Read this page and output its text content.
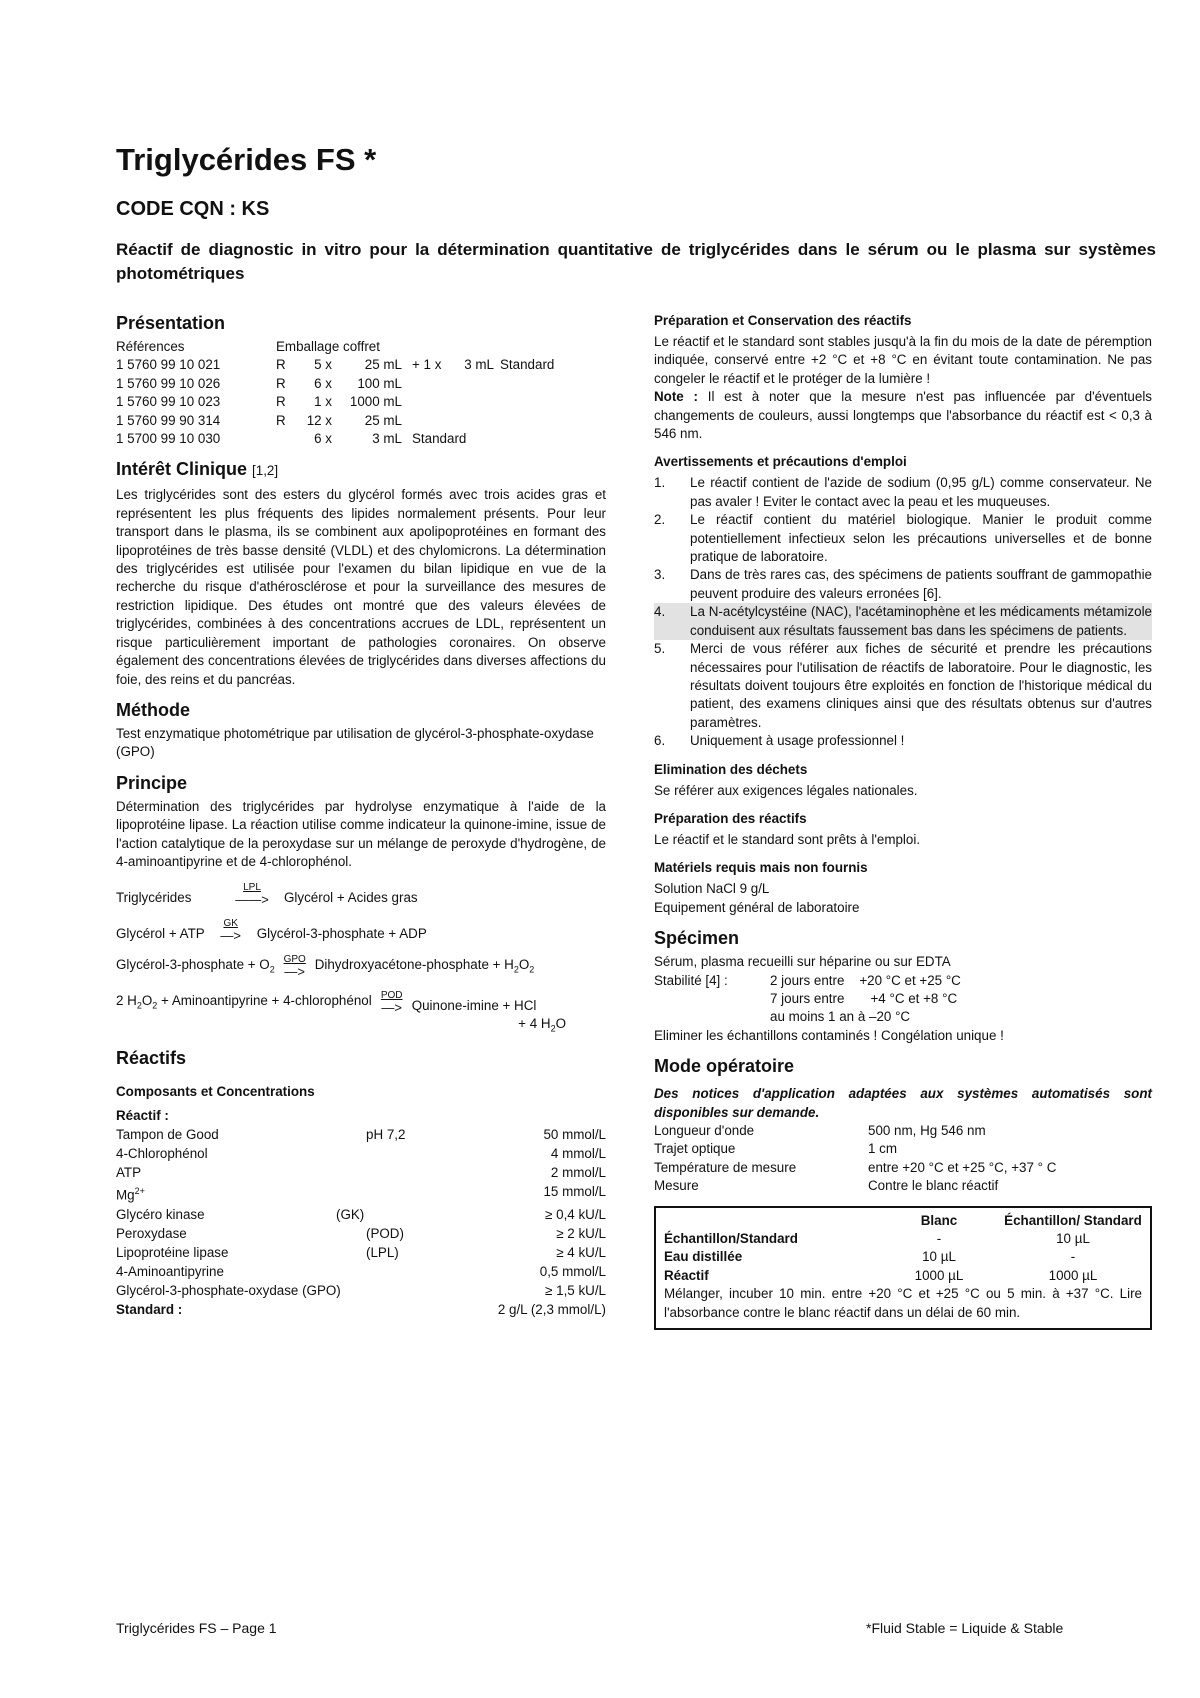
Triglycérides FS *
CODE CQN : KS
Réactif de diagnostic in vitro pour la détermination quantitative de triglycérides dans le sérum ou le plasma sur systèmes photométriques
Présentation
Références	Emballage coffret					
1 5760 99 10 021	R	5 x	25 mL	+ 1 x	3 mL	Standard
1 5760 99 10 026	R	6 x	100 mL			
1 5760 99 10 023	R	1 x	1000 mL			
1 5760 99 90 314	R	12 x	25 mL			
1 5700 99 10 030		6 x	3 mL	Standard		
Intérêt Clinique [1,2]

Les triglycérides sont des esters du glycérol formés avec trois acides gras et représentent les plus fréquents des lipides normalement présents. Pour leur transport dans le plasma, ils se combinent aux apolipoprotéines en formant des lipoprotéines de très basse densité (VLDL) et des chylomicrons. La détermination des triglycérides est utilisée pour l'examen du bilan lipidique en vue de la recherche du risque d'athérosclérose et pour la surveillance des mesures de restriction lipidique. Des études ont montré que des valeurs élevées de triglycérides, combinées à des concentrations accrues de LDL, représentent un risque particulièrement important de pathologies coronaires. On observe également des concentrations élevées de triglycérides dans diverses affections du foie, des reins et du pancréas.

Méthode

Test enzymatique photométrique par utilisation de glycérol-3-phosphate-oxydase (GPO)

Principe

Détermination des triglycérides par hydrolyse enzymatique à l'aide de la lipoprotéine lipase. La réaction utilise comme indicateur la quinone-imine, issue de l'action catalytique de la peroxydase sur un mélange de peroxyde d'hydrogène, de 4-aminoantipyrine et de 4-chlorophénol.

Triglycérides
LPL
——>	Glycérol + Acides gras
Glycérol + ATP
GK
—>	Glycérol-3-phosphate + ADP
Glycérol-3-phosphate + $O_2$
GPO
—> Dihydroxyacétone-phosphate + $H_2O_2$
2 $H_2O_2$ + Aminoantipyrine + 4-chlorophénol POD
—> Quinone-imine + HCl
+ 4 $H_2O$
Réactifs
Composants et Concentrations
Réactif :
Tampon de Good	pH 7,2	50 mmol/L
4-Chlorophénol		4 mmol/L
ATP		2 mmol/L
$Mg^{2+}$		15 mmol/L
Glycéro kinase (GK)		≥ 0,4 kU/L
Peroxydase (POD)		≥ 2 kU/L
Lipoprotéine lipase (LPL)		≥ 4 kU/L
4-Aminoantipyrine		0,5 mmol/L
Glycérol-3-phosphate-oxydase (GPO)		≥ 1,5 kU/L
Standard :		2 g/L (2,3 mmol/L)
Préparation et Conservation des réactifs

Le réactif et le standard sont stables jusqu'à la fin du mois de la date de péremption indiquée, conservé entre +2 °C et +8 °C en évitant toute contamination. Ne pas congeler le réactif et le protéger de la lumière !

Note : Il est à noter que la mesure n'est pas influencée par d'éventuels changements de couleurs, aussi longtemps que l'absorbance du réactif est < 0,3 à 546 nm.

Avertissements et précautions d'emploi
1.	Le réactif contient de l'azide de sodium (0,95 g/L) comme conservateur. Ne pas avaler ! Eviter le contact avec la peau et les muqueuses.
2.	Le réactif contient du matériel biologique. Manier le produit comme potentiellement infectieux selon les précautions universelles et de bonne pratique de laboratoire.
3.	Dans de très rares cas, des spécimens de patients souffrant de gammopathie peuvent produire des valeurs erronées [6].
4.	La N-acétylcystéine (NAC), l'acétaminophène et les médicaments métamizole conduisent aux résultats faussement bas dans les spécimens de patients.
5.	Merci de vous référer aux fiches de sécurité et prendre les précautions nécessaires pour l'utilisation de réactifs de laboratoire. Pour le diagnostic, les résultats doivent toujours être exploités en fonction de l'historique médical du patient, des examens cliniques ainsi que des résultats obtenus sur d'autres paramètres.
6.	Uniquement à usage professionnel !
Elimination des déchets

Se référer aux exigences légales nationales.

Préparation des réactifs

Le réactif et le standard sont prêts à l'emploi.

Matériels requis mais non fournis

Solution NaCl 9 g/L

Equipement général de laboratoire

Spécimen

Sérum, plasma recueilli sur héparine ou sur EDTA

Stabilité [4] :	2 jours entre    +20 °C et +25 °C
	7 jours entre       +4 °C et +8 °C
	au moins 1 an à –20 °C

Eliminer les échantillons contaminés ! Congélation unique !

Mode opératoire

Des notices d'application adaptées aux systèmes automatisés sont disponibles sur demande.

Longueur d'onde	500 nm, Hg 546 nm
Trajet optique	1 cm
Température de mesure	entre +20 °C et +25 °C, +37 ° C
Mesure	Contre le blanc réactif
	Blanc	Échantillon/ Standard
Échantillon/Standard	-	10 µL
Eau distillée	10 µL	-
Réactif	1000 µL	1000 µL

Mélanger, incuber 10 min. entre +20 °C et +25 °C ou 5 min. à +37 °C. Lire l'absorbance contre le blanc réactif dans un délai de 60 min.

Triglycérides FS – Page 1	*Fluid Stable = Liquide & Stable
